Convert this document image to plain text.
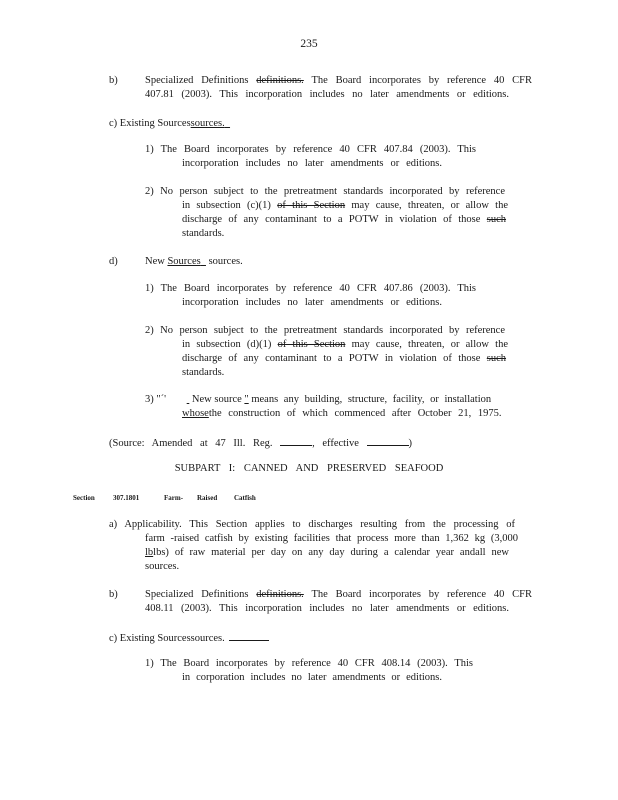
235
b)	Specialized Definitions definitions. The Board incorporates by reference 40 CFR
407.81 (2003). This incorporation includes no later amendments or editions.
c) Existing Sourcessources.
1) The Board incorporates by reference 40 CFR 407.84 (2003). This
incorporation includes no later amendments or editions.
2) No person subject to the pretreatment standards incorporated by reference
in subsection (c)(1) of this Section may cause, threaten, or allow the
discharge of any contaminant to a POTW in violation of those such
standards.
d)	New Sources sources.
1) The Board incorporates by reference 40 CFR 407.86 (2003). This
incorporation includes no later amendments or editions.
2) No person subject to the pretreatment standards incorporated by reference
in subsection (d)(1) of this Section may cause, threaten, or allow the
discharge of any contaminant to a POTW in violation of those such
standards.
3) "´' New source " means any building, structure, facility, or installation
whosethe construction of which commenced after October 21, 1975.
(Source: Amended at 47 Ill. Reg.	, effective	)
SUBPART I: CANNED AND PRESERVED SEAFOOD
Section	307.1801	Farm- Raised Catfish
a) Applicability. This Section applies to discharges resulting from the processing of
farm -raised catfish by existing facilities that process more than 1,362 kg (3,000
lblbs) of raw material per day on any day during a calendar year andall new
sources.
b)	Specialized Definitions definitions. The Board incorporates by reference 40 CFR
408.11 (2003). This incorporation includes no later amendments or editions.
c) Existing Sourcessources.
1) The Board incorporates by reference 40 CFR 408.14 (2003). This
in corporation includes no later amendments or editions.
